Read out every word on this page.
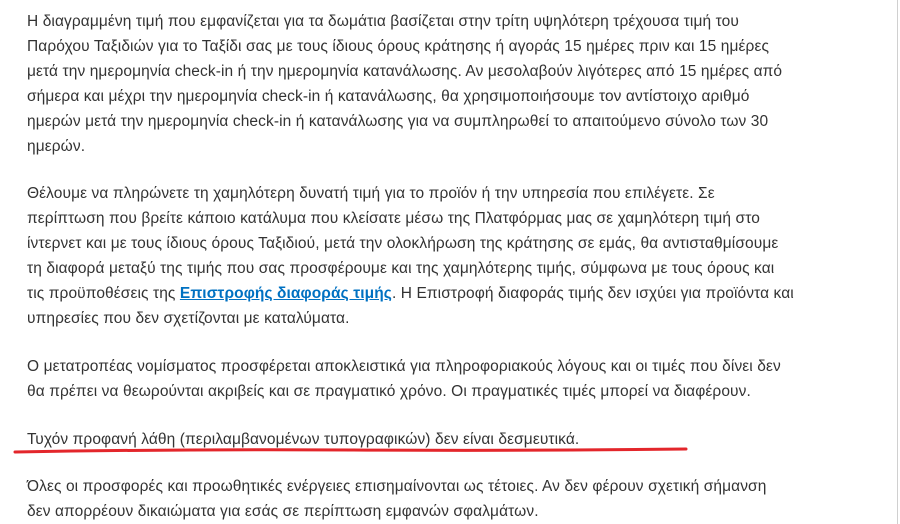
Η διαγραμμένη τιμή που εμφανίζεται για τα δωμάτια βασίζεται στην τρίτη υψηλότερη τρέχουσα τιμή του
Παρόχου Ταξιδιών για το Ταξίδι σας με τους ίδιους όρους κράτησης ή αγοράς 15 ημέρες πριν και 15 ημέρες
μετά την ημερομηνία check-in ή την ημερομηνία κατανάλωσης. Αν μεσολαβούν λιγότερες από 15 ημέρες από
σήμερα και μέχρι την ημερομηνία check-in ή κατανάλωσης, θα χρησιμοποιήσουμε τον αντίστοιχο αριθμό
ημερών μετά την ημερομηνία check-in ή κατανάλωσης για να συμπληρωθεί το απαιτούμενο σύνολο των 30
ημερών.
Θέλουμε να πληρώνετε τη χαμηλότερη δυνατή τιμή για το προϊόν ή την υπηρεσία που επιλέγετε. Σε
περίπτωση που βρείτε κάποιο κατάλυμα που κλείσατε μέσω της Πλατφόρμας μας σε χαμηλότερη τιμή στο
ίντερνετ και με τους ίδιους όρους Ταξιδιού, μετά την ολοκλήρωση της κράτησης σε εμάς, θα αντισταθμίσουμε
τη διαφορά μεταξύ της τιμής που σας προσφέρουμε και της χαμηλότερης τιμής, σύμφωνα με τους όρους και
τις προϋποθέσεις της Επιστροφής διαφοράς τιμής. Η Επιστροφή διαφοράς τιμής δεν ισχύει για προϊόντα και
υπηρεσίες που δεν σχετίζονται με καταλύματα.
Ο μετατροπέας νομίσματος προσφέρεται αποκλειστικά για πληροφοριακούς λόγους και οι τιμές που δίνει δεν
θα πρέπει να θεωρούνται ακριβείς και σε πραγματικό χρόνο. Οι πραγματικές τιμές μπορεί να διαφέρουν.
Τυχόν προφανή λάθη (περιλαμβανομένων τυπογραφικών) δεν είναι δεσμευτικά.
Όλες οι προσφορές και προωθητικές ενέργειες επισημαίνονται ως τέτοιες. Αν δεν φέρουν σχετική σήμανση
δεν απορρέουν δικαιώματα για εσάς σε περίπτωση εμφανών σφαλμάτων.
